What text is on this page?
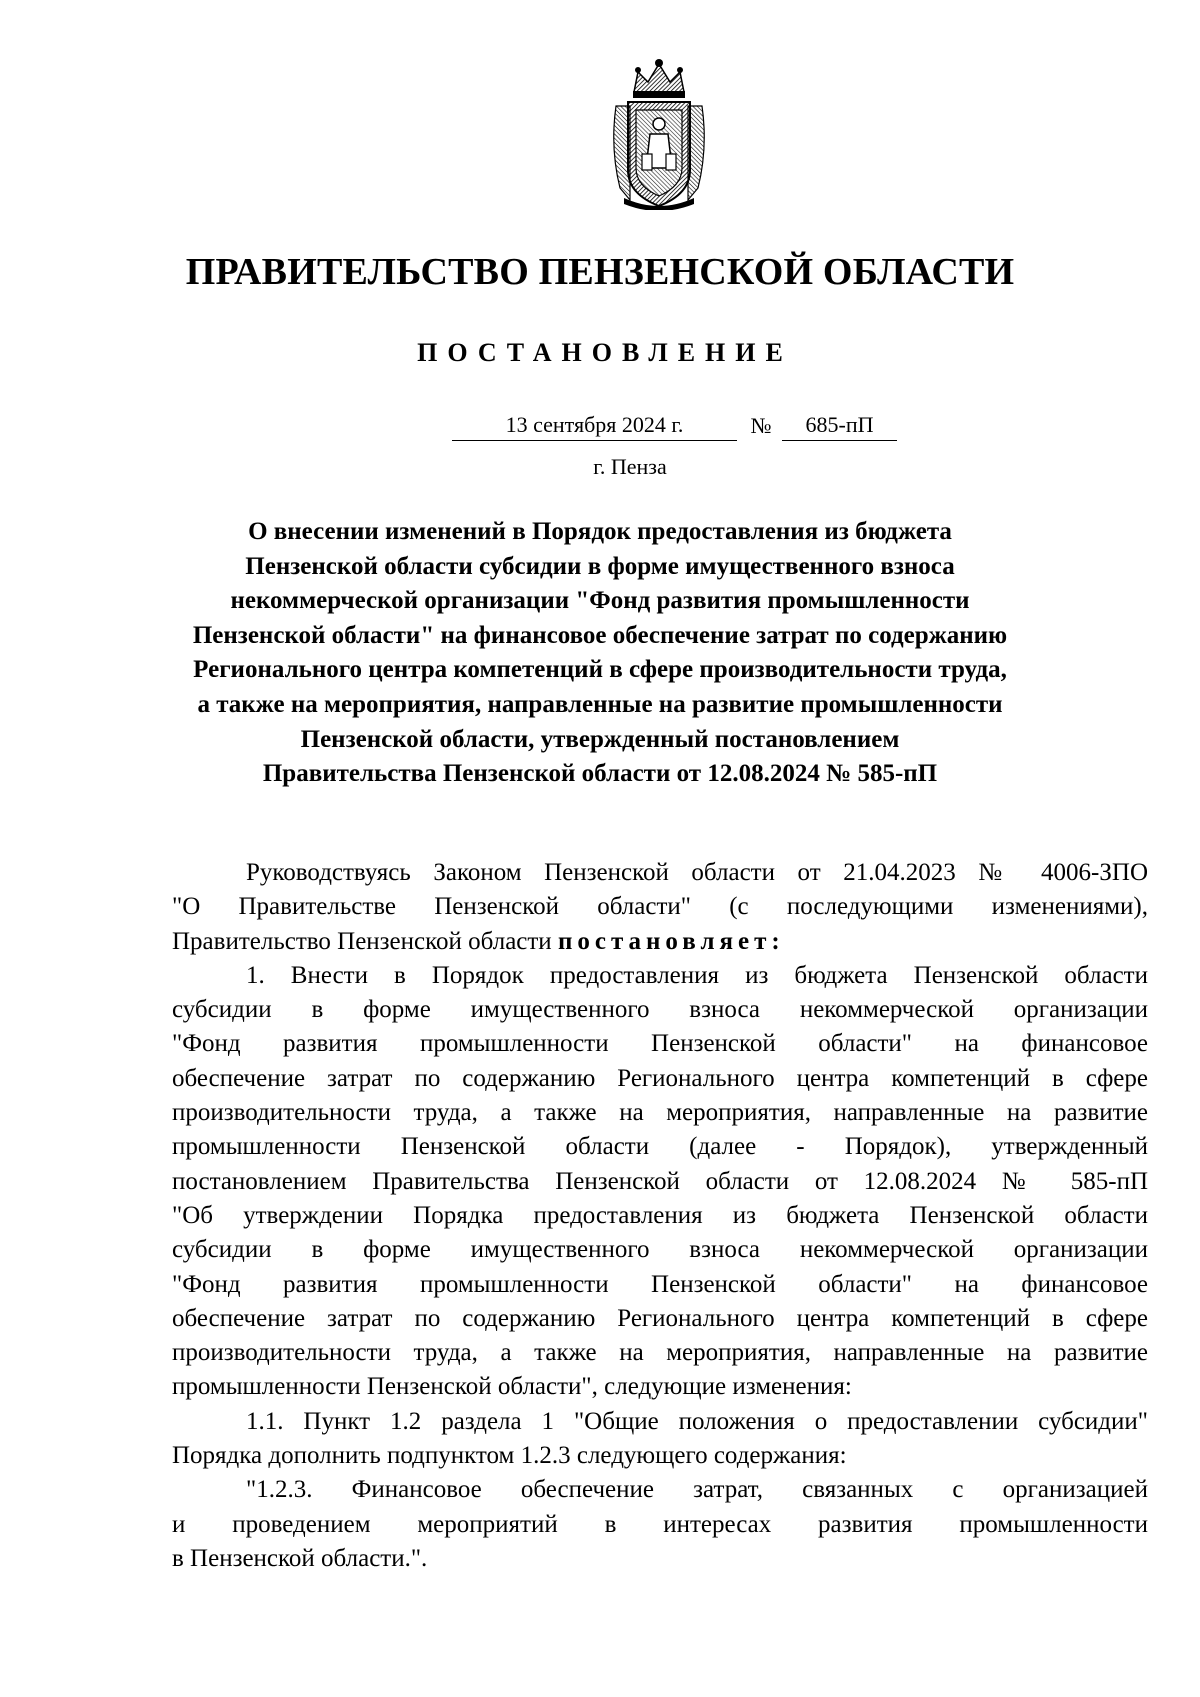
ПРАВИТЕЛЬСТВО ПЕНЗЕНСКОЙ ОБЛАСТИ
ПОСТАНОВЛЕНИЕ
13 сентября 2024 г.	№	685-пП
г. Пенза
О внесении изменений в Порядок предоставления из бюджета
Пензенской области субсидии в форме имущественного взноса
некоммерческой организации "Фонд развития промышленности
Пензенской области" на финансовое обеспечение затрат по содержанию
Регионального центра компетенций в сфере производительности труда,
а также на мероприятия, направленные на развитие промышленности
Пензенской области, утвержденный постановлением
Правительства Пензенской области от 12.08.2024 № 585-пП
Руководствуясь Законом Пензенской области от 21.04.2023 № 4006-ЗПО
"О Правительстве Пензенской области" (с последующими изменениями),
Правительство Пензенской области постановляет:
1. Внести в Порядок предоставления из бюджета Пензенской области
субсидии в форме имущественного взноса некоммерческой организации
"Фонд развития промышленности Пензенской области" на финансовое
обеспечение затрат по содержанию Регионального центра компетенций в сфере
производительности труда, а также на мероприятия, направленные на развитие
промышленности Пензенской области (далее - Порядок), утвержденный
постановлением Правительства Пензенской области от 12.08.2024 № 585-пП
"Об утверждении Порядка предоставления из бюджета Пензенской области
субсидии в форме имущественного взноса некоммерческой организации
"Фонд развития промышленности Пензенской области" на финансовое
обеспечение затрат по содержанию Регионального центра компетенций в сфере
производительности труда, а также на мероприятия, направленные на развитие
промышленности Пензенской области", следующие изменения:
1.1. Пункт 1.2 раздела 1 "Общие положения о предоставлении субсидии"
Порядка дополнить подпунктом 1.2.3 следующего содержания:
"1.2.3. Финансовое обеспечение затрат, связанных с организацией
и проведением мероприятий в интересах развития промышленности
в Пензенской области.".
